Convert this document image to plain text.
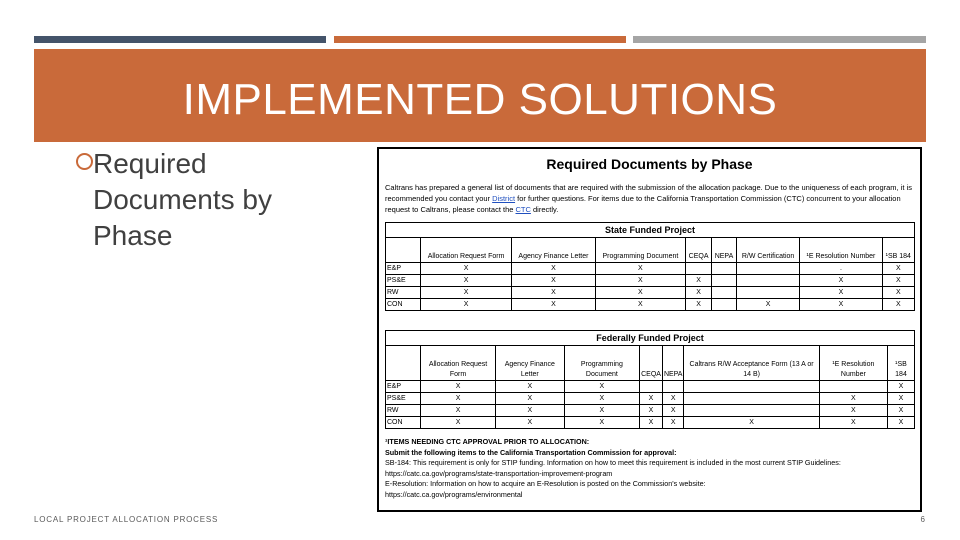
IMPLEMENTED SOLUTIONS
Required Documents by Phase
Required Documents by Phase
Caltrans has prepared a general list of documents that are required with the submission of the allocation package. Due to the uniqueness of each program, it is recommended you contact your District for further questions. For items due to the California Transportation Commission (CTC) concurrent to your allocation request to Caltrans, please contact the CTC directly.
State Funded Project								
	Allocation Request Form	Agency Finance Letter	Programming Document	CEQA	NEPA	R/W Certification	¹E Resolution Number	¹SB 184
E&P	X	X	X				.	X
PS&E	X	X	X	X			X	X
RW	X	X	X	X			X	X
CON	X	X	X	X		X	X	X
Federally Funded Project								
	Allocation Request Form	Agency Finance Letter	Programming Document	CEQA	NEPA	Caltrans R/W Acceptance Form (13 A or 14 B)	¹E Resolution Number	¹SB 184
E&P	X	X	X					X
PS&E	X	X	X	X	X		X	X
RW	X	X	X	X	X		X	X
CON	X	X	X	X	X	X	X	X
¹ITEMS NEEDING CTC APPROVAL PRIOR TO ALLOCATION:
Submit the following items to the California Transportation Commission for approval:
SB-184: This requirement is only for STIP funding. Information on how to meet this requirement is included in the most current STIP Guidelines:
https://catc.ca.gov/programs/state-transportation-improvement-program
E-Resolution: Information on how to acquire an E-Resolution is posted on the Commission's website:
https://catc.ca.gov/programs/environmental
LOCAL PROJECT ALLOCATION PROCESS	6
